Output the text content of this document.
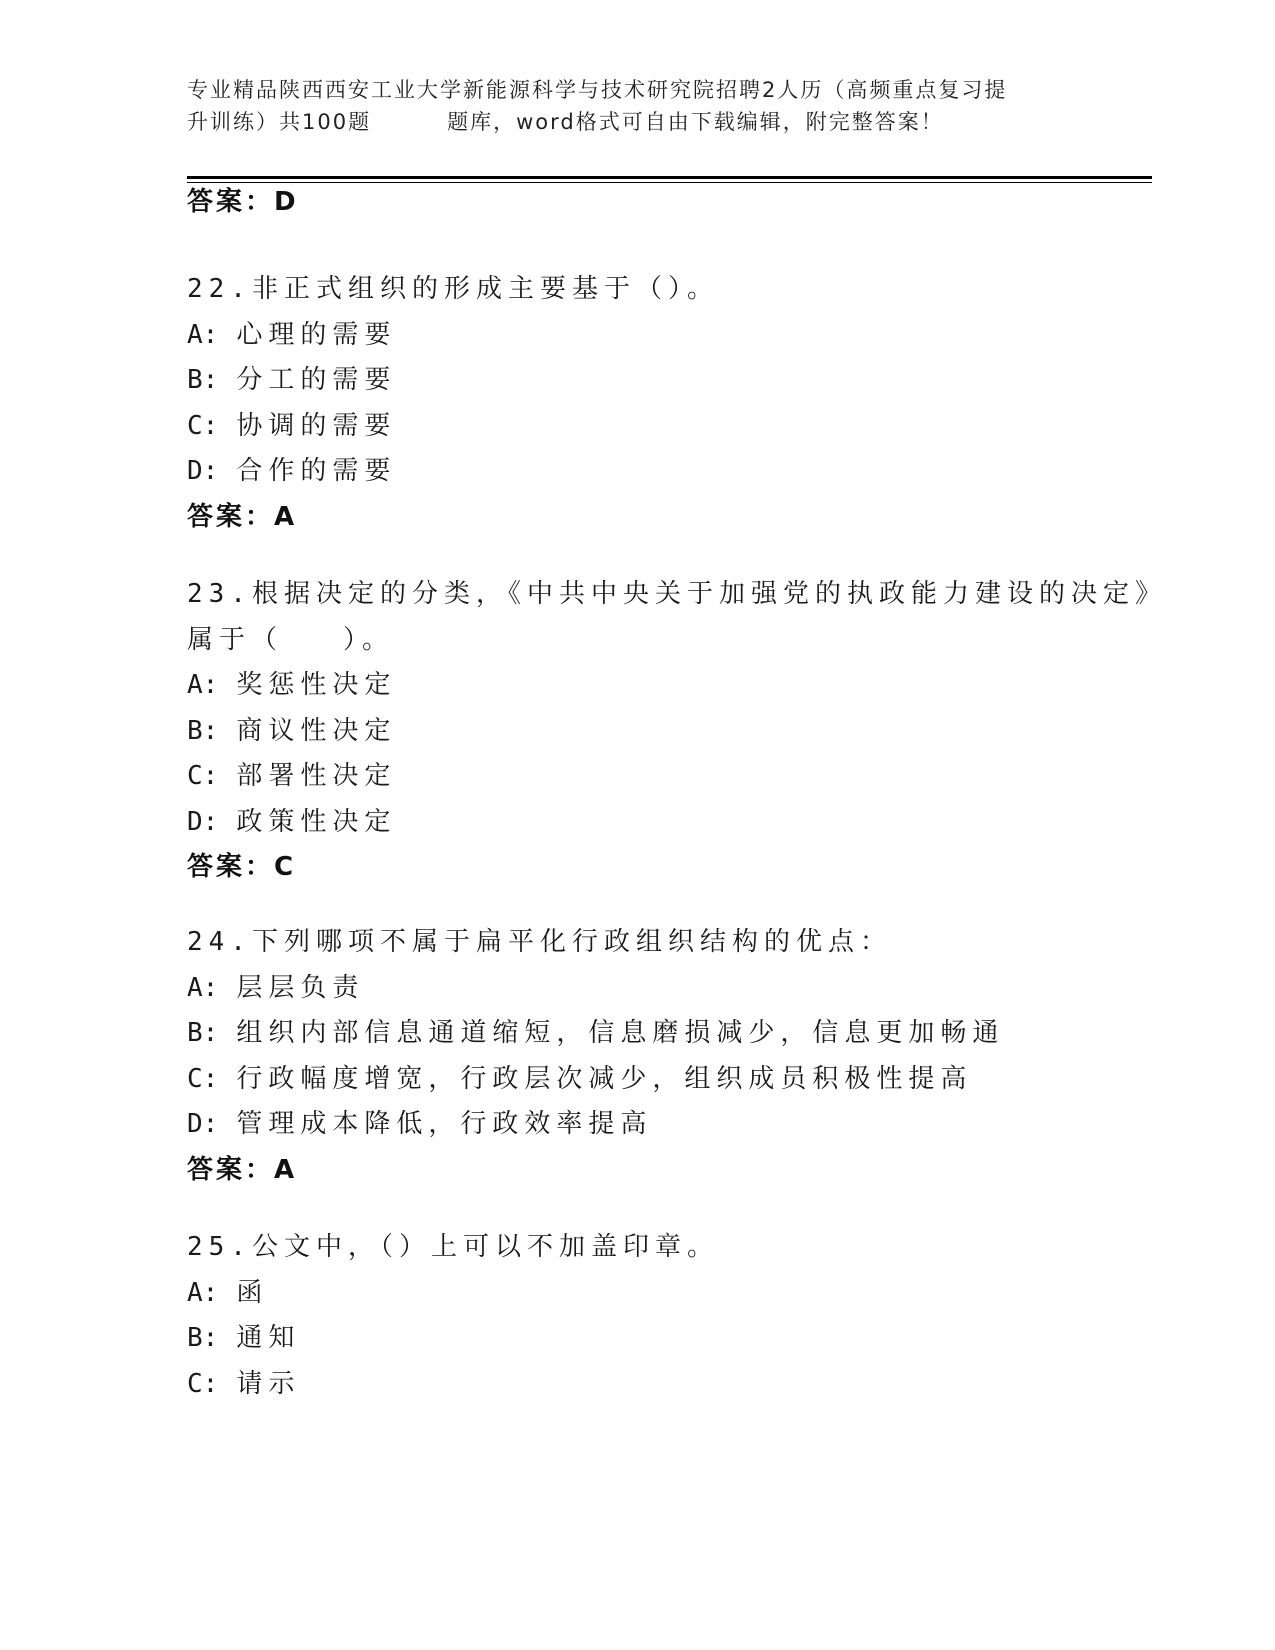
专业精品陕西西安工业大学新能源科学与技术研究院招聘2人历（高频重点复习提
升训练）共100题	题库，word格式可自由下载编辑，附完整答案！
答案：D
22.非正式组织的形成主要基于（）。
A: 心理的需要
B: 分工的需要
C: 协调的需要
D: 合作的需要
答案：A
23.根据决定的分类，《中共中央关于加强党的执政能力建设的决定》
属于（ ）。
A: 奖惩性决定
B: 商议性决定
C: 部署性决定
D: 政策性决定
答案：C
24.下列哪项不属于扁平化行政组织结构的优点：
A: 层层负责
B: 组织内部信息通道缩短，信息磨损减少，信息更加畅通
C: 行政幅度增宽，行政层次减少，组织成员积极性提高
D: 管理成本降低，行政效率提高
答案：A
25.公文中，（）上可以不加盖印章。
A: 函
B: 通知
C: 请示
